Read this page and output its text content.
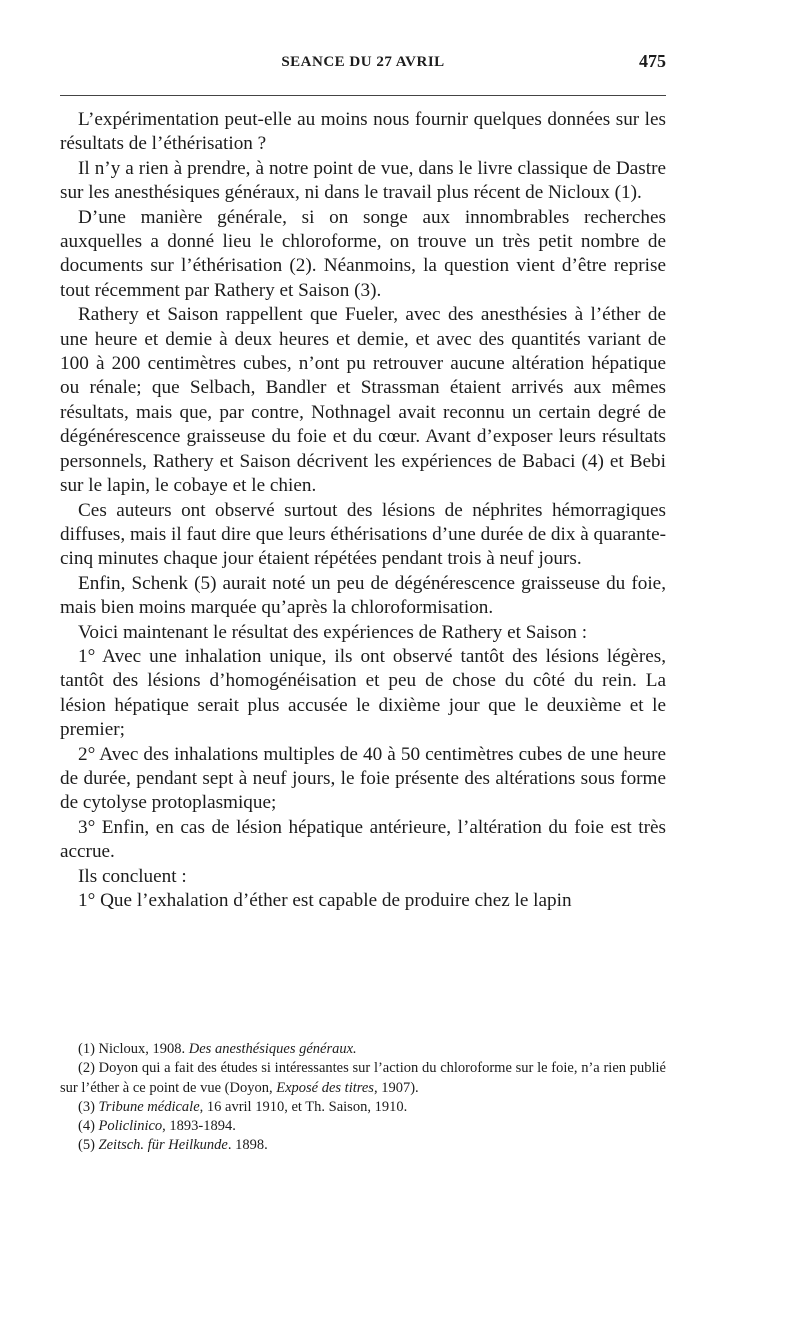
SEANCE DU 27 AVRIL	475

L’expérimentation peut-elle au moins nous fournir quelques données sur les résultats de l’éthérisation ?

Il n’y a rien à prendre, à notre point de vue, dans le livre classique de Dastre sur les anesthésiques généraux, ni dans le travail plus récent de Nicloux (1).

D’une manière générale, si on songe aux innombrables recherches auxquelles a donné lieu le chloroforme, on trouve un très petit nombre de documents sur l’éthérisation (2). Néanmoins, la question vient d’être reprise tout récemment par Rathery et Saison (3).

Rathery et Saison rappellent que Fueler, avec des anesthésies à l’éther de une heure et demie à deux heures et demie, et avec des quantités variant de 100 à 200 centimètres cubes, n’ont pu retrouver aucune altération hépatique ou rénale; que Selbach, Bandler et Strassman étaient arrivés aux mêmes résultats, mais que, par contre, Nothnagel avait reconnu un certain degré de dégénérescence graisseuse du foie et du cœur. Avant d’exposer leurs résultats personnels, Rathery et Saison décrivent les expériences de Babaci (4) et Bebi sur le lapin, le cobaye et le chien.

Ces auteurs ont observé surtout des lésions de néphrites hémorragiques diffuses, mais il faut dire que leurs éthérisations d’une durée de dix à quarante-cinq minutes chaque jour étaient répétées pendant trois à neuf jours.

Enfin, Schenk (5) aurait noté un peu de dégénérescence graisseuse du foie, mais bien moins marquée qu’après la chloroformisation.

Voici maintenant le résultat des expériences de Rathery et Saison :

1° Avec une inhalation unique, ils ont observé tantôt des lésions légères, tantôt des lésions d’homogénéisation et peu de chose du côté du rein. La lésion hépatique serait plus accusée le dixième jour que le deuxième et le premier;

2° Avec des inhalations multiples de 40 à 50 centimètres cubes de une heure de durée, pendant sept à neuf jours, le foie présente des altérations sous forme de cytolyse protoplasmique;

3° Enfin, en cas de lésion hépatique antérieure, l’altération du foie est très accrue.

Ils concluent :

1° Que l’exhalation d’éther est capable de produire chez le lapin

(1) Nicloux, 1908. Des anesthésiques généraux.

(2) Doyon qui a fait des études si intéressantes sur l’action du chloroforme sur le foie, n’a rien publié sur l’éther à ce point de vue (Doyon, Exposé des titres, 1907).

(3) Tribune médicale, 16 avril 1910, et Th. Saison, 1910.

(4) Policlinico, 1893-1894.

(5) Zeitsch. für Heilkunde. 1898.
